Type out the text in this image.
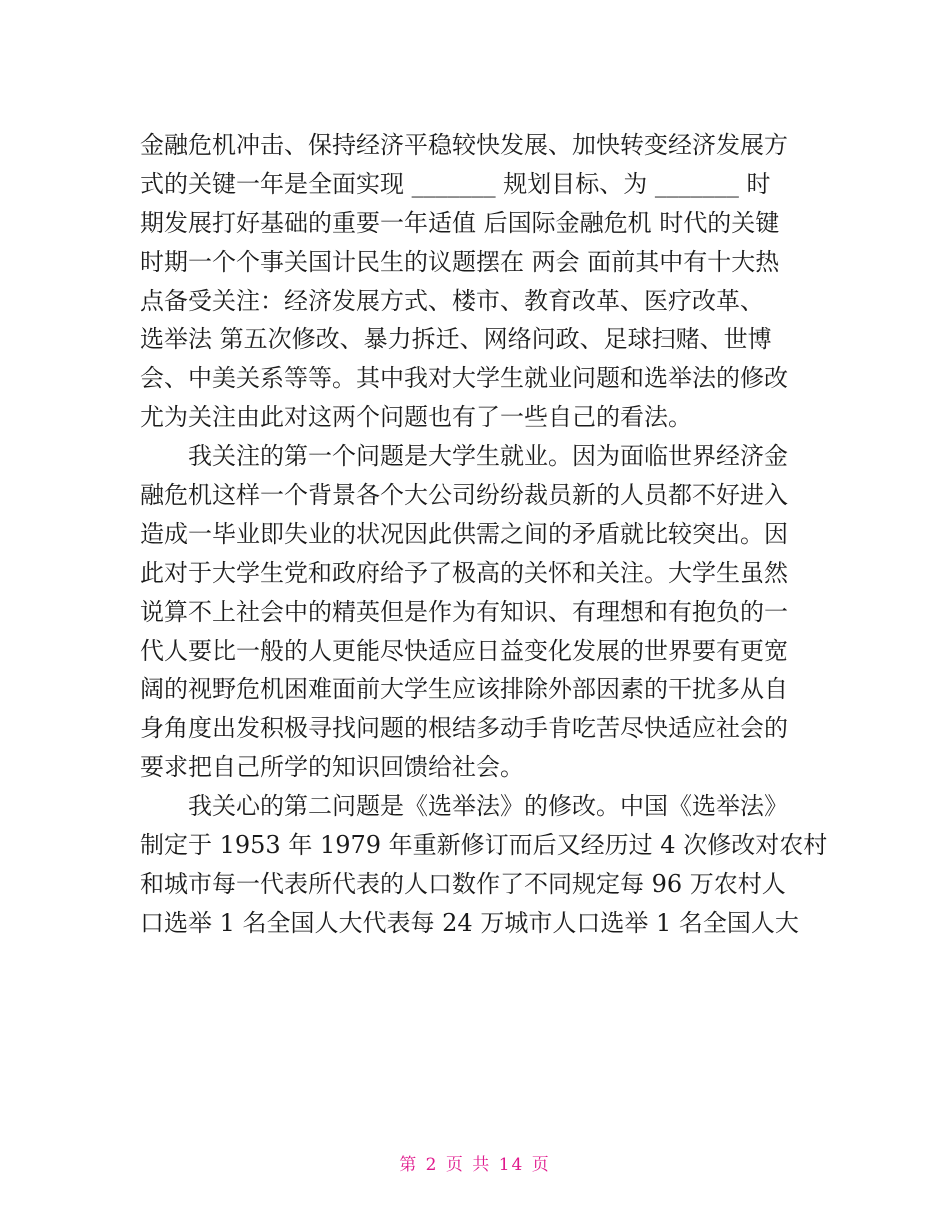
金融危机冲击、保持经济平稳较快发展、加快转变经济发展方
式的关键一年是全面实现 _______ 规划目标、为 _______ 时
期发展打好基础的重要一年适值 后国际金融危机 时代的关键
时期一个个事关国计民生的议题摆在 两会 面前其中有十大热
点备受关注：经济发展方式、楼市、教育改革、医疗改革、
选举法 第五次修改、暴力拆迁、网络问政、足球扫赌、世博
会、中美关系等等。其中我对大学生就业问题和选举法的修改
尤为关注由此对这两个问题也有了一些自己的看法。
我关注的第一个问题是大学生就业。因为面临世界经济金
融危机这样一个背景各个大公司纷纷裁员新的人员都不好进入
造成一毕业即失业的状况因此供需之间的矛盾就比较突出。因
此对于大学生党和政府给予了极高的关怀和关注。大学生虽然
说算不上社会中的精英但是作为有知识、有理想和有抱负的一
代人要比一般的人更能尽快适应日益变化发展的世界要有更宽
阔的视野危机困难面前大学生应该排除外部因素的干扰多从自
身角度出发积极寻找问题的根结多动手肯吃苦尽快适应社会的
要求把自己所学的知识回馈给社会。
我关心的第二问题是《选举法》的修改。中国《选举法》
制定于 1953 年 1979 年重新修订而后又经历过 4 次修改对农村
和城市每一代表所代表的人口数作了不同规定每 96 万农村人
口选举 1 名全国人大代表每 24 万城市人口选举 1 名全国人大
第 2 页 共 14 页
